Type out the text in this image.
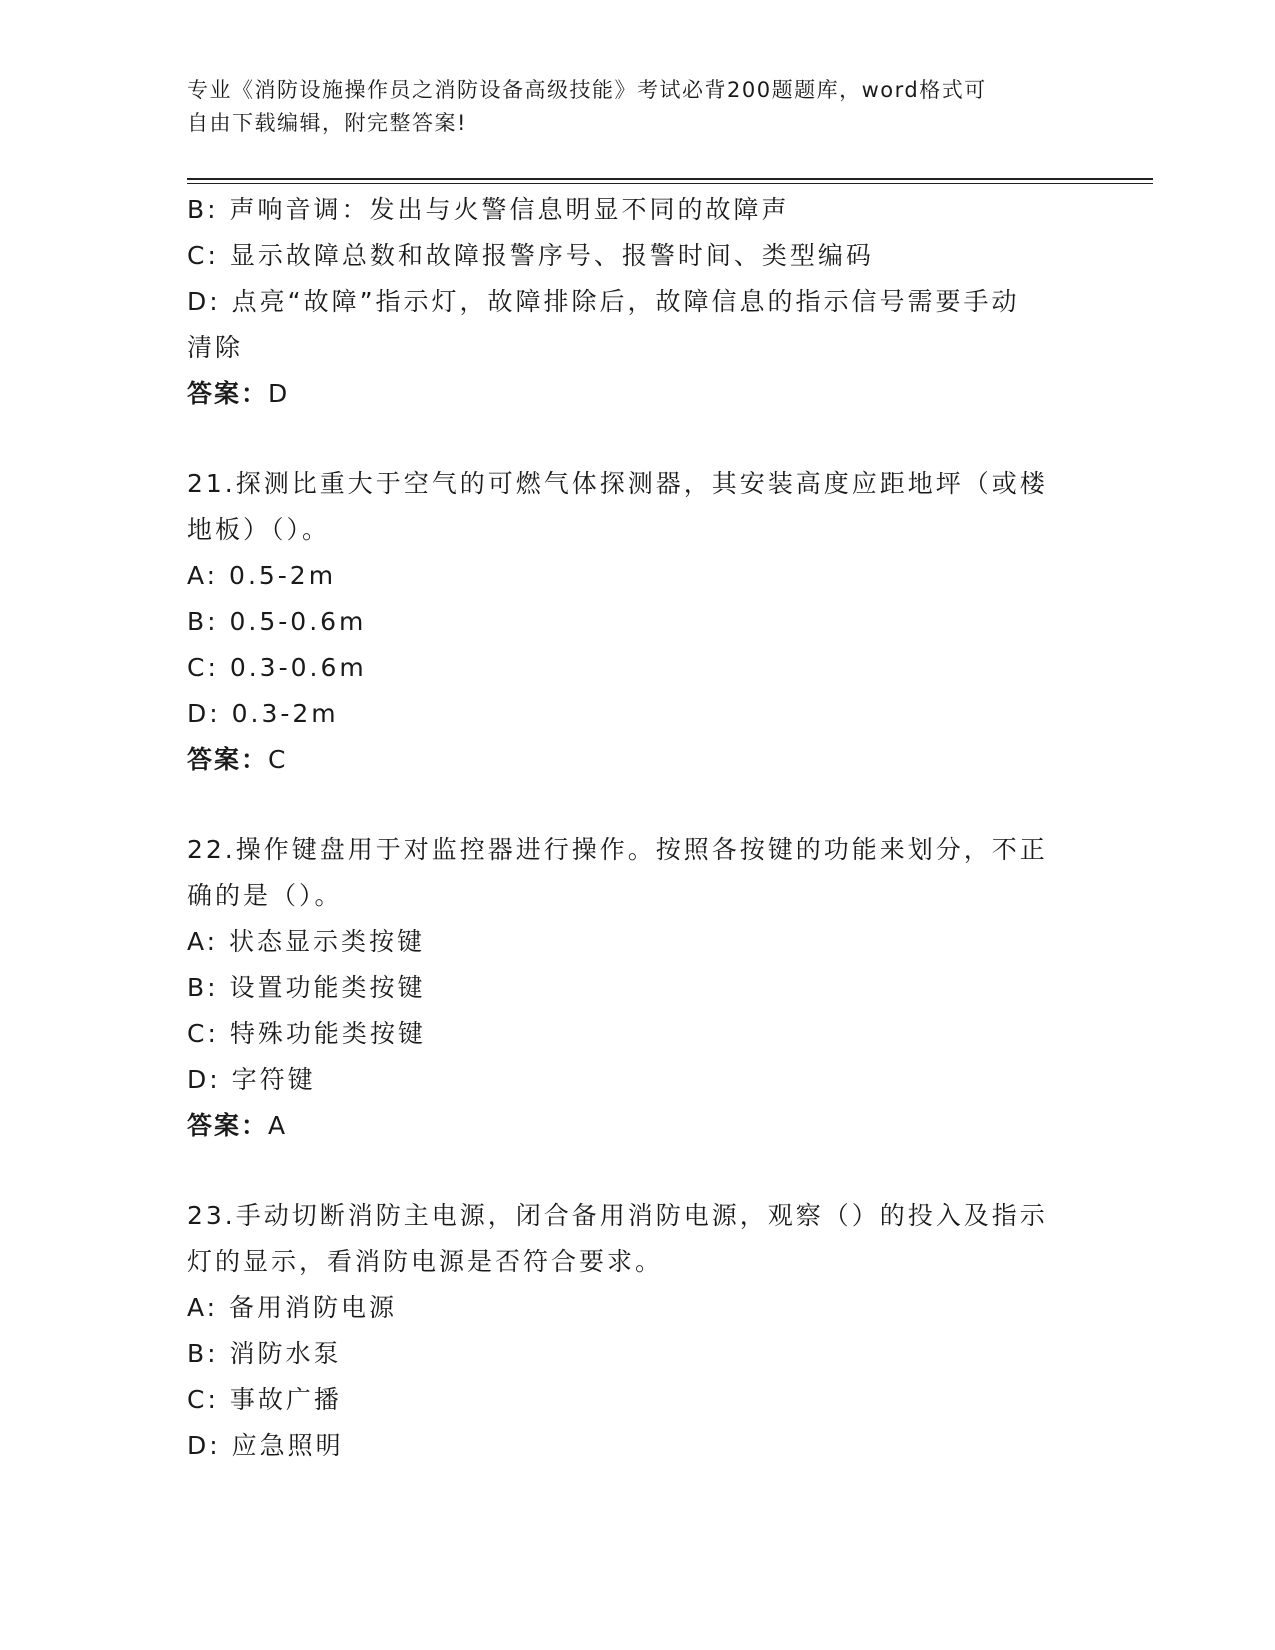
专业《消防设施操作员之消防设备高级技能》考试必背200题题库，word格式可
自由下载编辑，附完整答案!
B: 声响音调：发出与火警信息明显不同的故障声
C: 显示故障总数和故障报警序号、报警时间、类型编码
D: 点亮“故障”指示灯，故障排除后，故障信息的指示信号需要手动
清除
答案：D
21.探测比重大于空气的可燃气体探测器，其安装高度应距地坪（或楼
地板）（）。
A: 0.5-2m
B: 0.5-0.6m
C: 0.3-0.6m
D: 0.3-2m
答案：C
22.操作键盘用于对监控器进行操作。按照各按键的功能来划分，不正
确的是（）。
A: 状态显示类按键
B: 设置功能类按键
C: 特殊功能类按键
D: 字符键
答案：A
23.手动切断消防主电源，闭合备用消防电源，观察（）的投入及指示
灯的显示，看消防电源是否符合要求。
A: 备用消防电源
B: 消防水泵
C: 事故广播
D: 应急照明
